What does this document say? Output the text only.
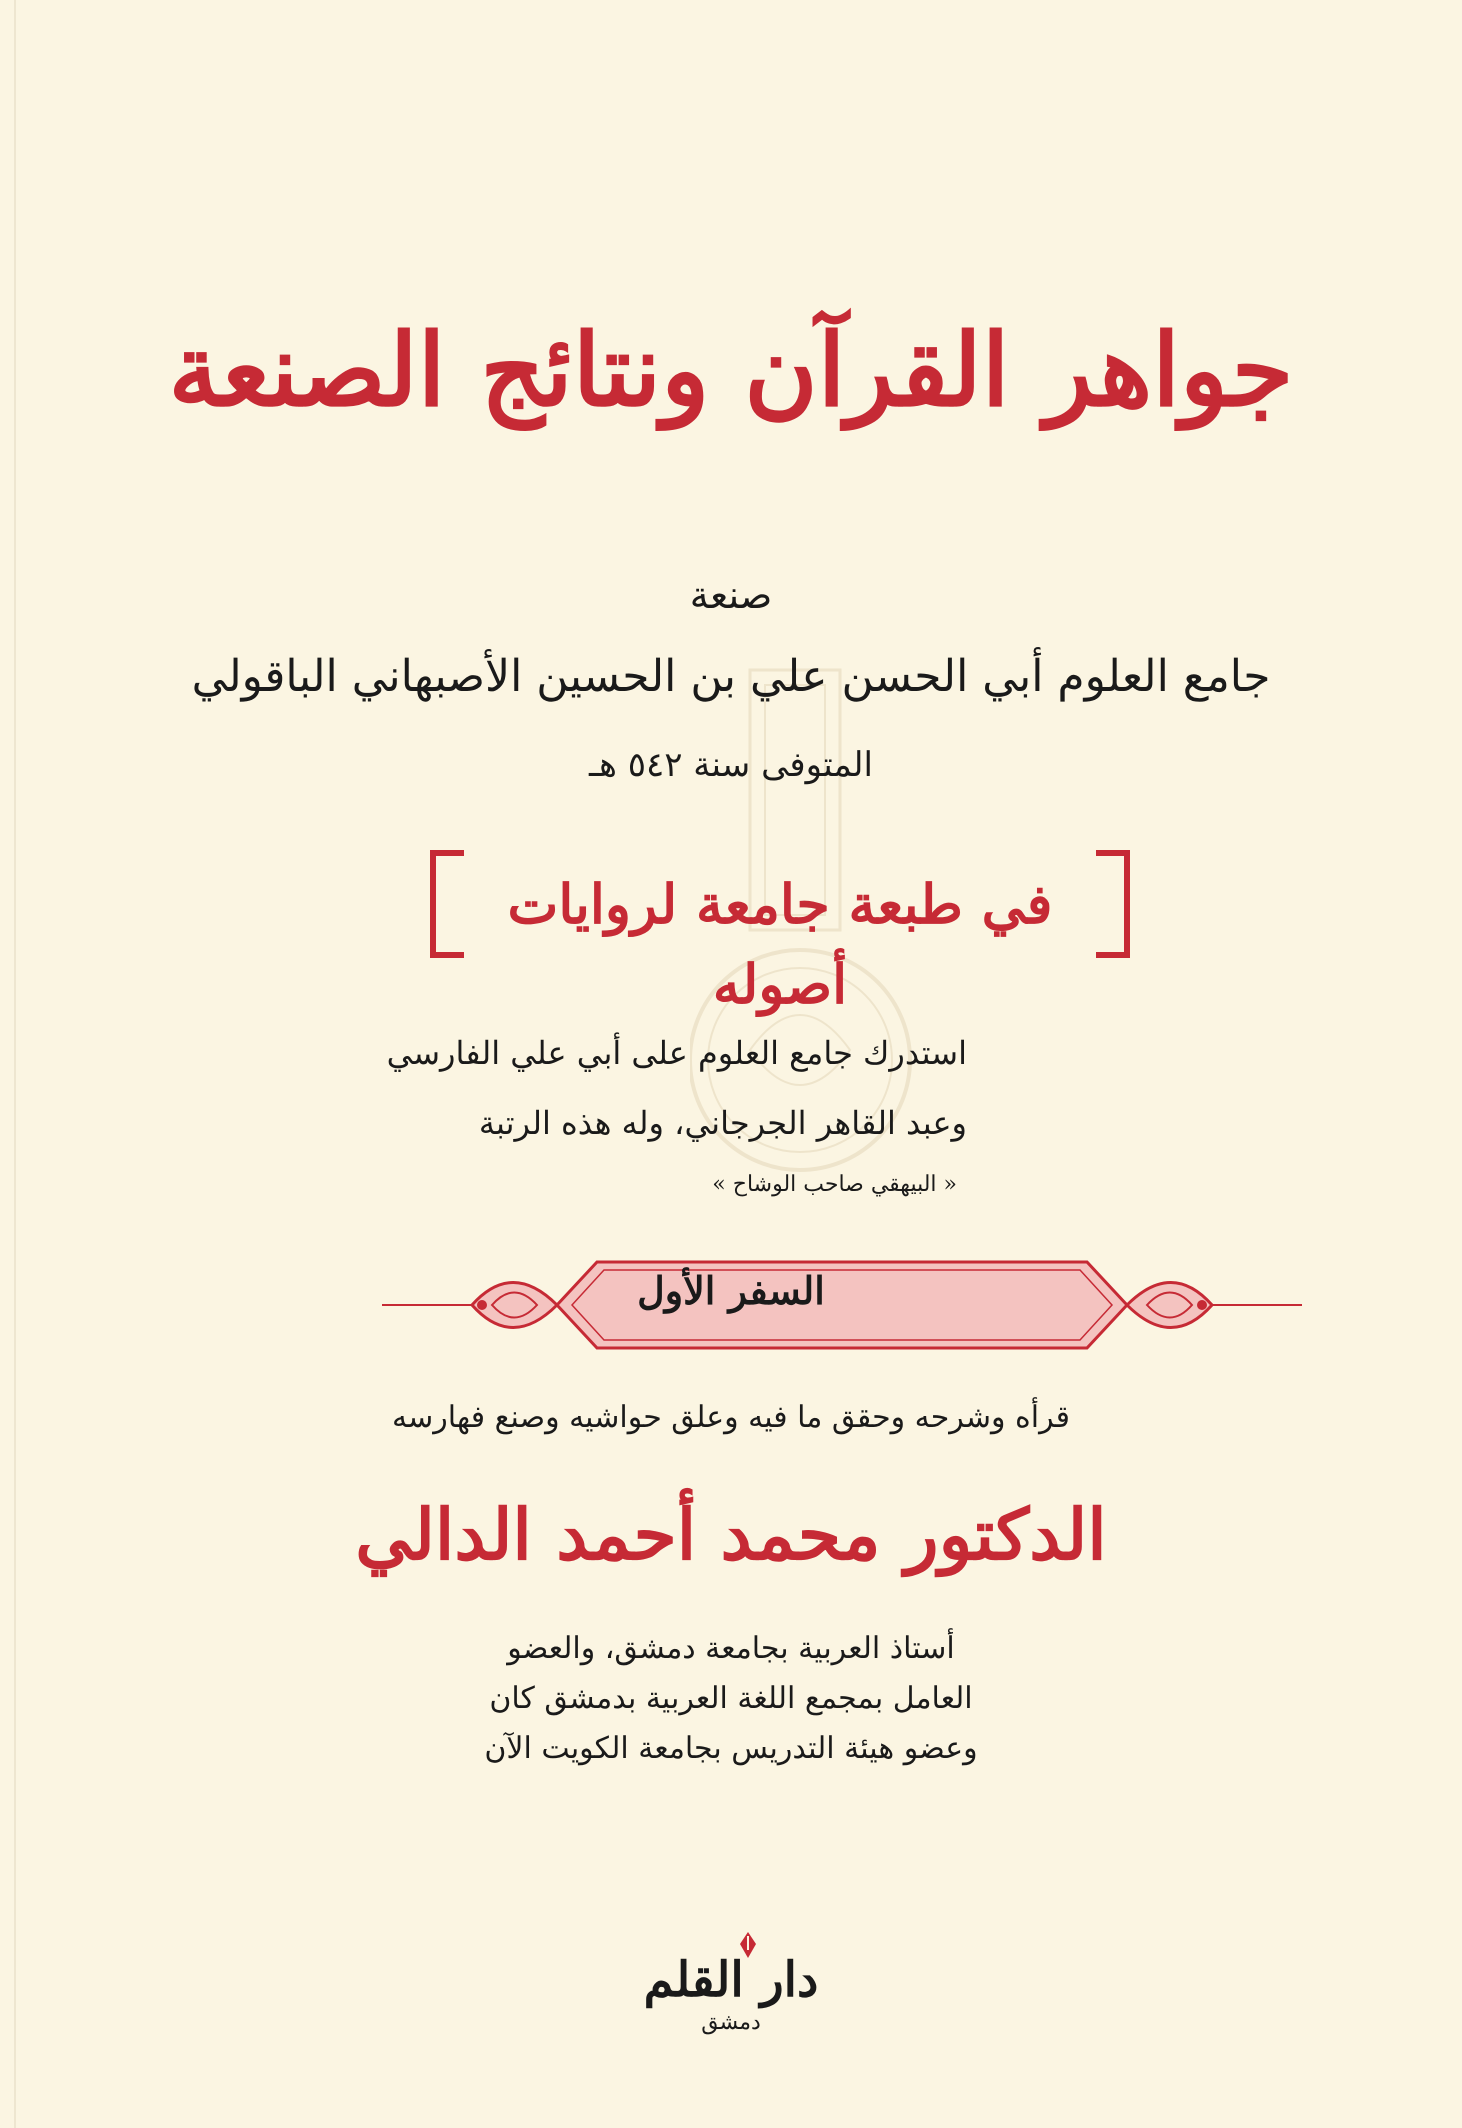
جواهر القرآن ونتائج الصنعة
صنعة
جامع العلوم أبي الحسن علي بن الحسين الأصبهاني الباقولي
المتوفى سنة ٥٤٢ هـ
في طبعة جامعة لروايات أصوله
استدرك جامع العلوم على أبي علي الفارسي
وعبد القاهر الجرجاني، وله هذه الرتبة
« البيهقي صاحب الوشاح »
السفر الأول
قرأه وشرحه وحقق ما فيه وعلق حواشيه وصنع فهارسه
الدكتور محمد أحمد الدالي
أستاذ العربية بجامعة دمشق، والعضو
العامل بمجمع اللغة العربية بدمشق كان
وعضو هيئة التدريس بجامعة الكويت الآن
دار القلم
دمشق
